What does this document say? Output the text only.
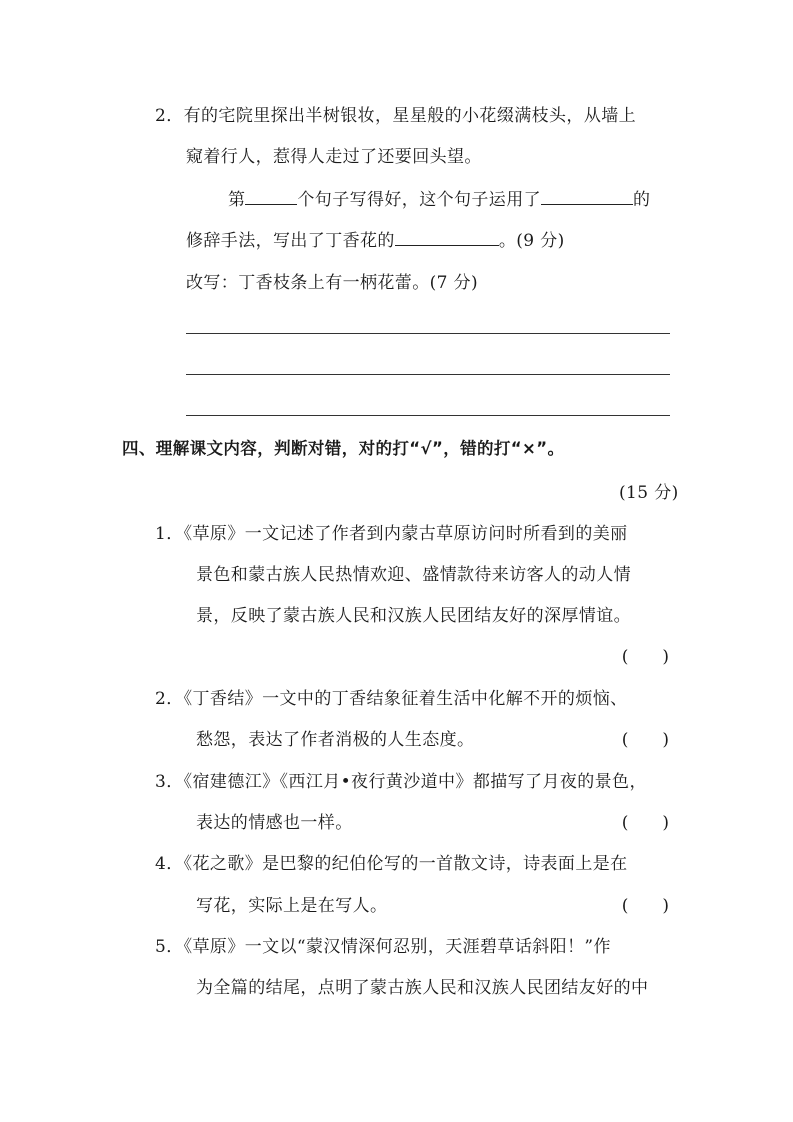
2．有的宅院里探出半树银妆，星星般的小花缀满枝头，从墙上
窥着行人，惹得人走过了还要回头望。
第	个句子写得好，这个句子运用了	的
修辞手法，写出了丁香花的	。(9 分)
改写：丁香枝条上有一柄花蕾。(7 分)
四、理解课文内容，判断对错，对的打“√”，错的打“×”。
(15 分)
1．《草原》一文记述了作者到内蒙古草原访问时所看到的美丽
景色和蒙古族人民热情欢迎、盛情款待来访客人的动人情
景，反映了蒙古族人民和汉族人民团结友好的深厚情谊。
(　　)
2．《丁香结》一文中的丁香结象征着生活中化解不开的烦恼、
愁怨，表达了作者消极的人生态度。	(　　)
3．《宿建德江》《西江月•夜行黄沙道中》都描写了月夜的景色，
表达的情感也一样。	(　　)
4．《花之歌》是巴黎的纪伯伦写的一首散文诗，诗表面上是在
写花，实际上是在写人。	(　　)
5．《草原》一文以“蒙汉情深何忍别，天涯碧草话斜阳！”作
为全篇的结尾，点明了蒙古族人民和汉族人民团结友好的中
